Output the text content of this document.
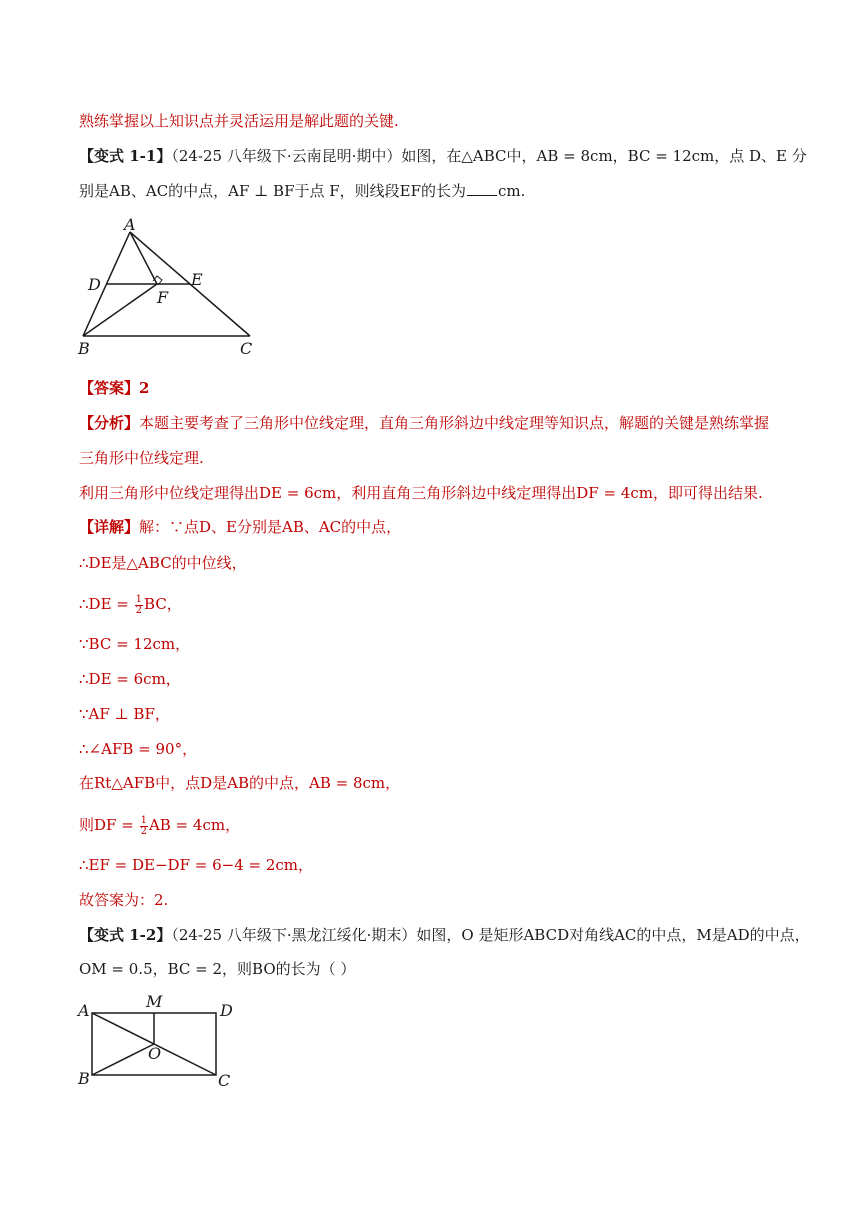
熟练掌握以上知识点并灵活运用是解此题的关键.
【变式 1-1】（24-25 八年级下·云南昆明·期中）如图，在△ABC中，AB = 8cm，BC = 12cm，点 D、E 分
别是AB、AC的中点，AF ⊥ BF于点 F，则线段EF的长为 cm.
A
D	E
F
B	C
【答案】2
【分析】本题主要考查了三角形中位线定理，直角三角形斜边中线定理等知识点，解题的关键是熟练掌握
三角形中位线定理.
利用三角形中位线定理得出DE = 6cm，利用直角三角形斜边中线定理得出DF = 4cm，即可得出结果.
【详解】解：∵点D、E分别是AB、AC的中点，
∴DE是△ABC的中位线，
∴DE = $\frac{1}{2}$ BC，
∵BC = 12cm，
∴DE = 6cm，
∵AF ⊥ BF，
∴∠AFB = 90°，
在Rt△AFB中，点D是AB的中点，AB = 8cm，
则DF = $\frac{1}{2}$ AB = 4cm，
∴EF = DE−DF = 6−4 = 2cm，
故答案为：2.
【变式 1-2】（24-25 八年级下·黑龙江绥化·期末）如图，O 是矩形ABCD对角线AC的中点，M是AD的中点，
OM = 0.5，BC = 2，则BO的长为（ ）
A	M	D
O
B	C
